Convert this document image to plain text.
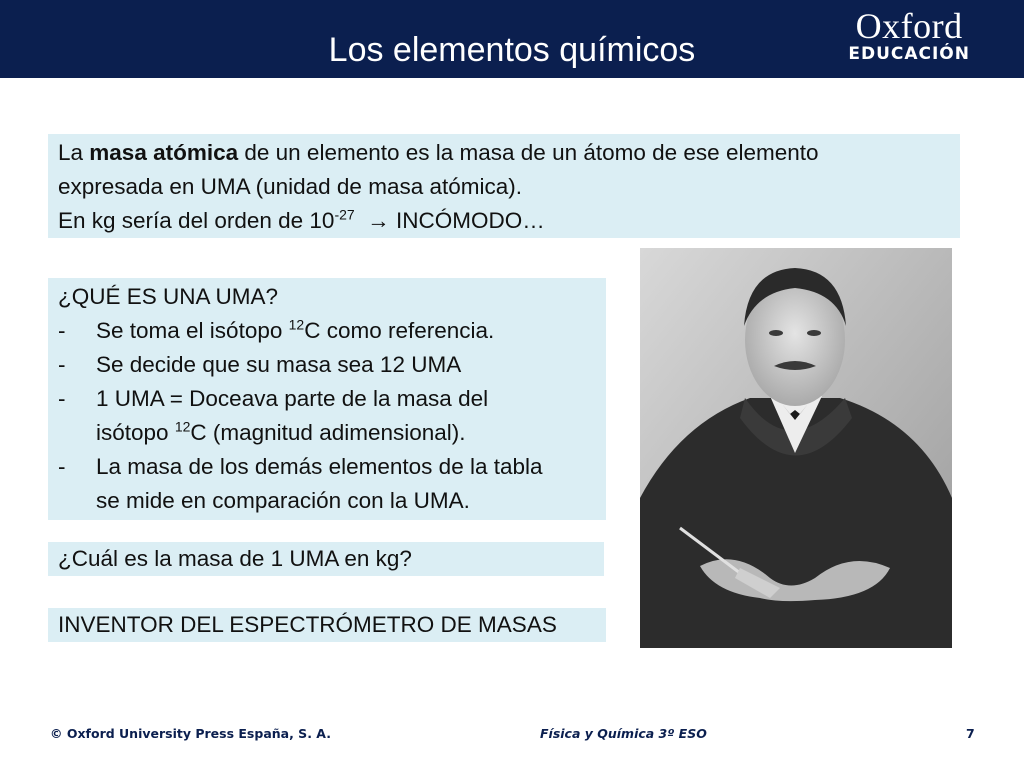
Los elementos químicos
Oxford
EDUCACIÓN
La masa atómica de un elemento es la masa de un átomo de ese elemento
expresada en UMA (unidad de masa atómica).
En kg sería del orden de $10^{-27}$ → INCÓMODO…
¿QUÉ ES UNA UMA?
- Se toma el isótopo $^{12}$C como referencia.
- Se decide que su masa sea 12 UMA
- 1 UMA = Doceava parte de la masa del
isótopo $^{12}$C (magnitud adimensional).
- La masa de los demás elementos de la tabla
se mide en comparación con la UMA.
¿Cuál es la masa de 1 UMA en kg?
INVENTOR DEL ESPECTRÓMETRO DE MASAS
© Oxford University Press España, S. A.	Física y Química 3º ESO	7
